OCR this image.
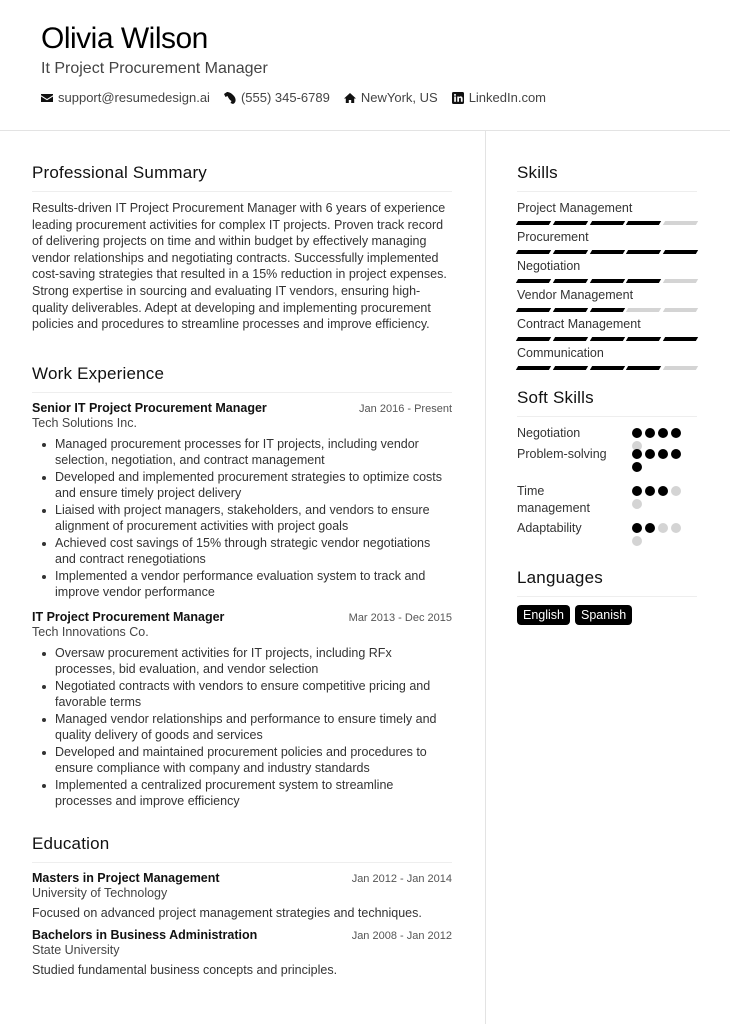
Olivia Wilson
It Project Procurement Manager
support@resumedesign.ai (555) 345-6789 NewYork, US LinkedIn.com
Professional Summary

Results-driven IT Project Procurement Manager with 6 years of experience leading procurement activities for complex IT projects. Proven track record of delivering projects on time and within budget by effectively managing vendor relationships and negotiating contracts. Successfully implemented cost-saving strategies that resulted in a 15% reduction in project expenses. Strong expertise in sourcing and evaluating IT vendors, ensuring high-quality deliverables. Adept at developing and implementing procurement policies and procedures to streamline processes and improve efficiency.

Work Experience
Senior IT Project Procurement Manager	Jan 2016 - Present
Tech Solutions Inc.
Managed procurement processes for IT projects, including vendor selection, negotiation, and contract management
Developed and implemented procurement strategies to optimize costs and ensure timely project delivery
Liaised with project managers, stakeholders, and vendors to ensure alignment of procurement activities with project goals
Achieved cost savings of 15% through strategic vendor negotiations and contract renegotiations
Implemented a vendor performance evaluation system to track and improve vendor performance
IT Project Procurement Manager	Mar 2013 - Dec 2015
Tech Innovations Co.
Oversaw procurement activities for IT projects, including RFx processes, bid evaluation, and vendor selection
Negotiated contracts with vendors to ensure competitive pricing and favorable terms
Managed vendor relationships and performance to ensure timely and quality delivery of goods and services
Developed and maintained procurement policies and procedures to ensure compliance with company and industry standards
Implemented a centralized procurement system to streamline processes and improve efficiency
Education
Masters in Project Management	Jan 2012 - Jan 2014
University of Technology
Focused on advanced project management strategies and techniques.
Bachelors in Business Administration	Jan 2008 - Jan 2012
State University
Studied fundamental business concepts and principles.
Skills
Project Management
Procurement
Negotiation
Vendor Management
Contract Management
Communication
Soft Skills
Negotiation
Problem-solving
Time management
Adaptability
Languages
English	Spanish
